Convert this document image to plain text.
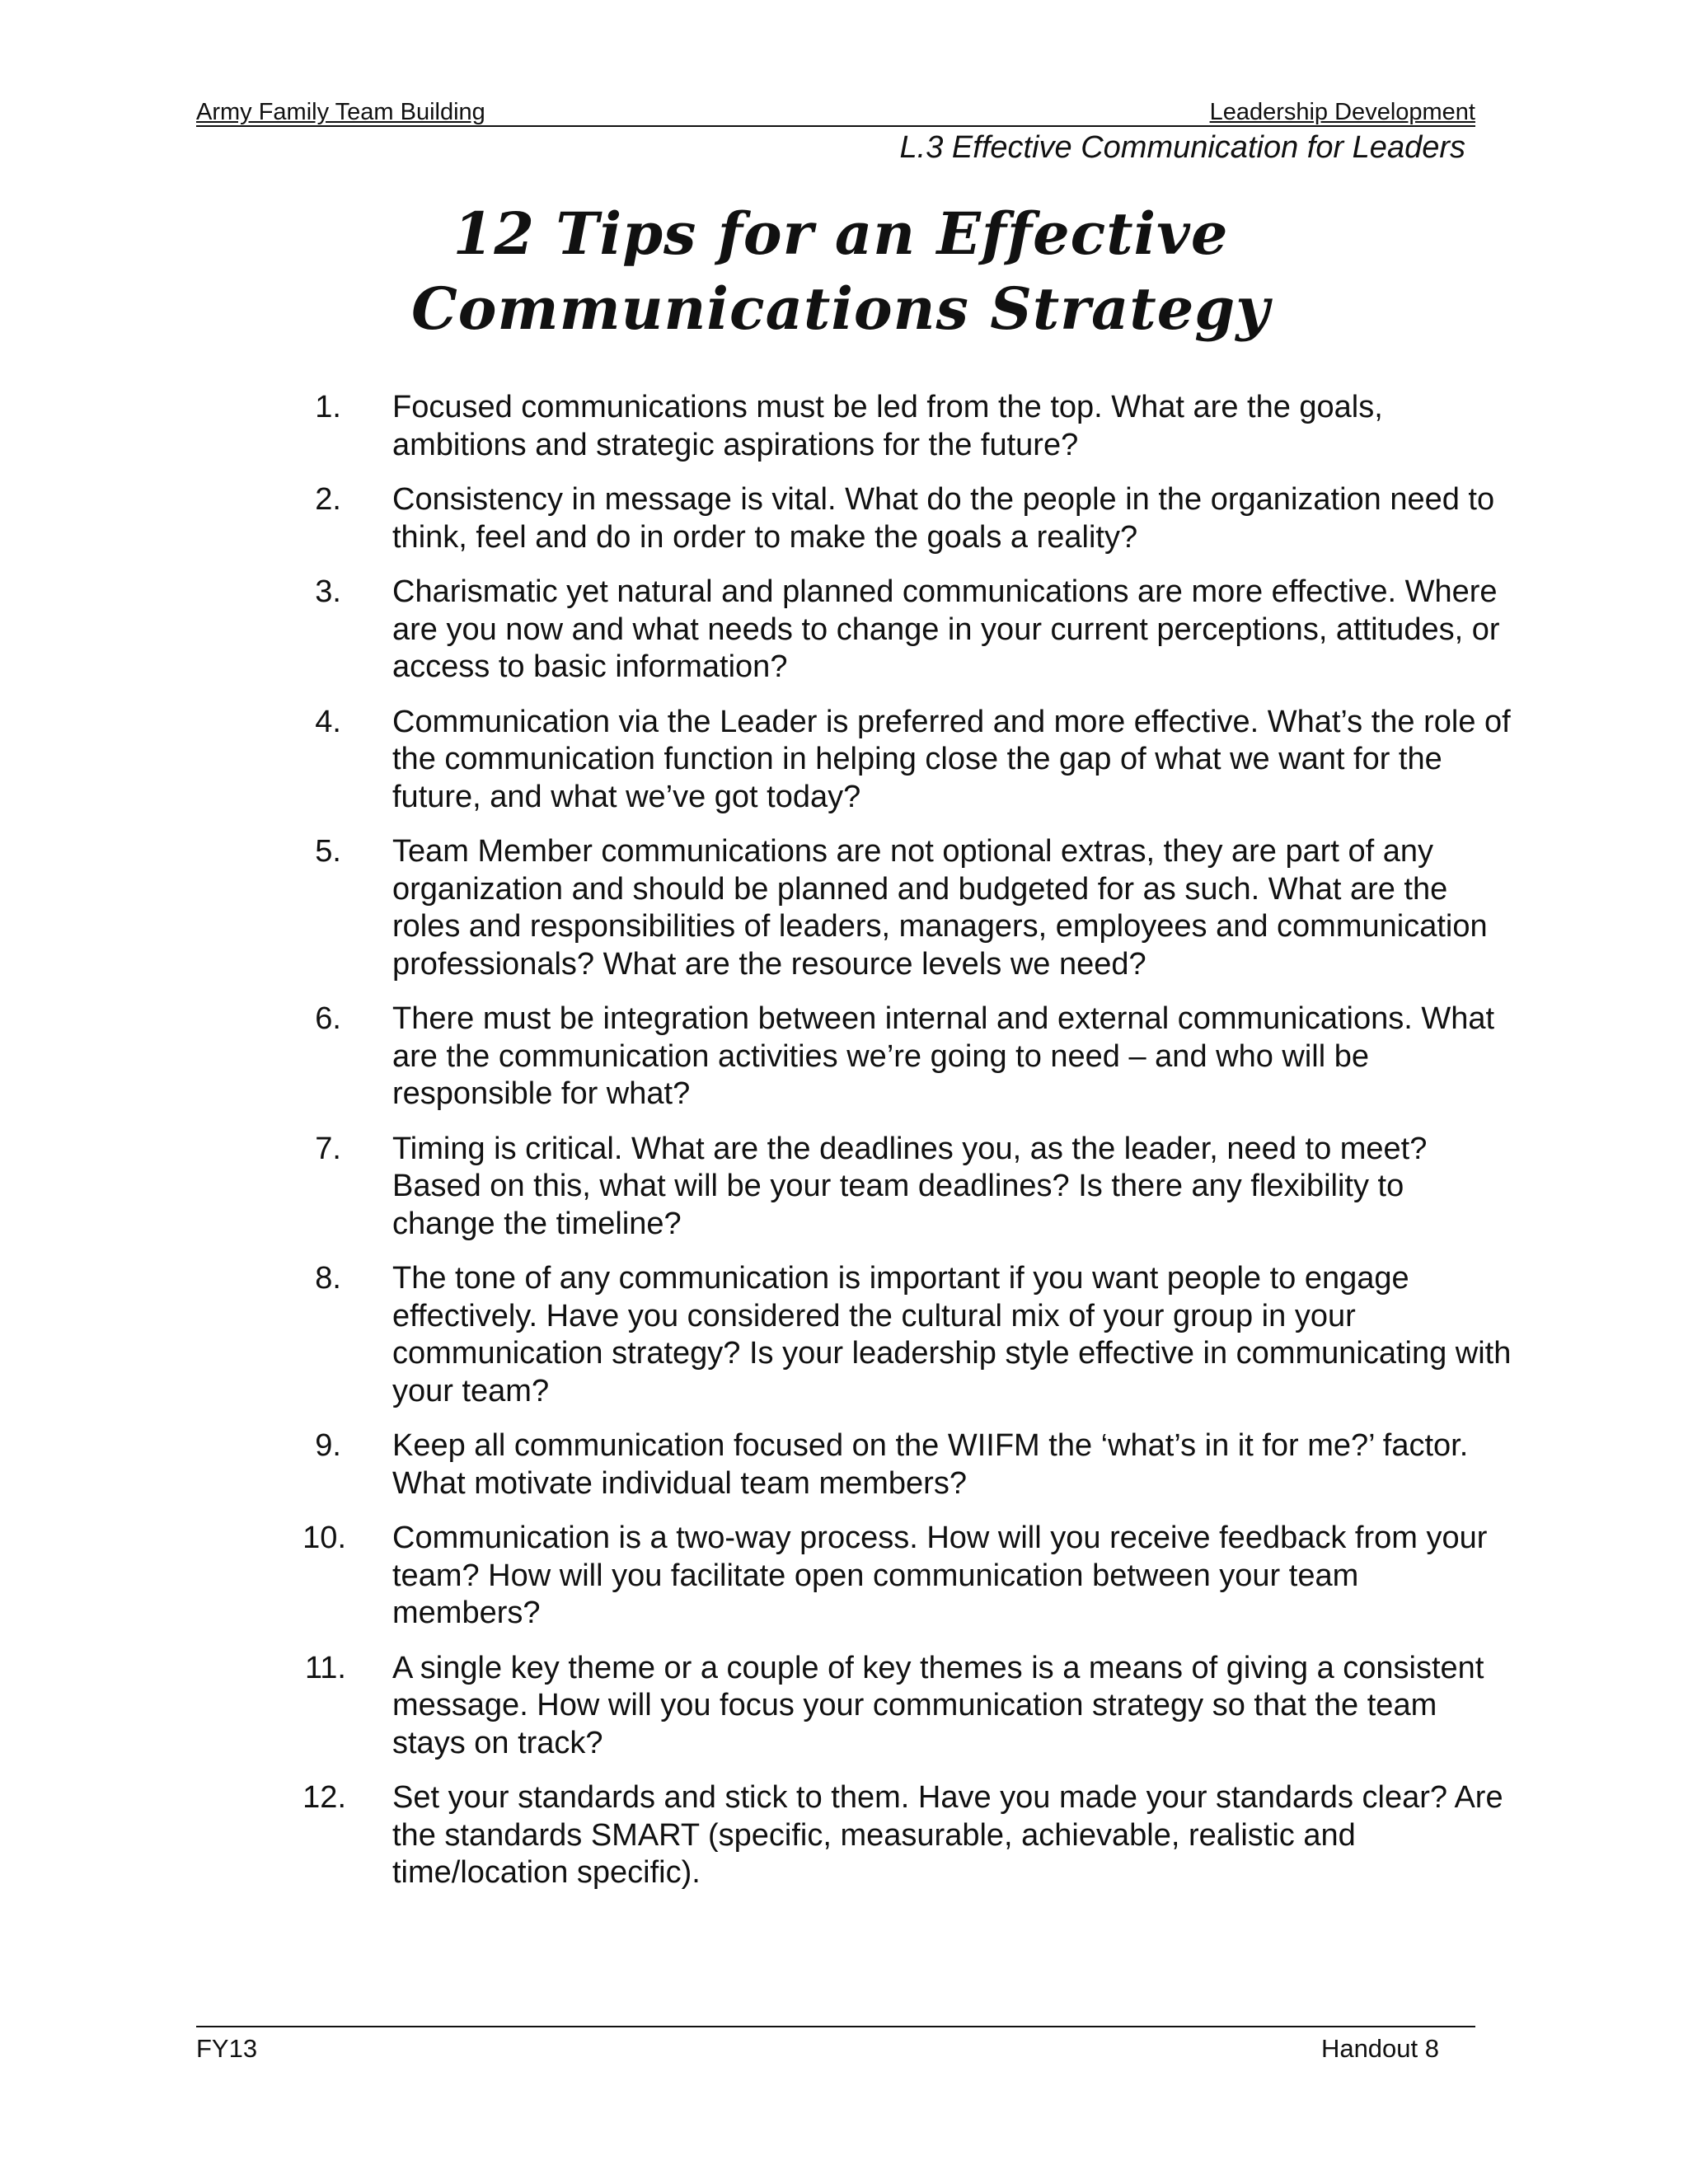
Army Family Team Building	Leadership Development
L.3 Effective Communication for Leaders
12 Tips for an Effective
Communications Strategy
1. Focused communications must be led from the top. What are the goals, ambitions and strategic aspirations for the future?
2. Consistency in message is vital. What do the people in the organization need to think, feel and do in order to make the goals a reality?
3. Charismatic yet natural and planned communications are more effective. Where are you now and what needs to change in your current perceptions, attitudes, or access to basic information?
4. Communication via the Leader is preferred and more effective. What’s the role of the communication function in helping close the gap of what we want for the future, and what we’ve got today?
5. Team Member communications are not optional extras, they are part of any organization and should be planned and budgeted for as such. What are the roles and responsibilities of leaders, managers, employees and communication professionals? What are the resource levels we need?
6. There must be integration between internal and external communications. What are the communication activities we’re going to need – and who will be responsible for what?
7. Timing is critical. What are the deadlines you, as the leader, need to meet? Based on this, what will be your team deadlines? Is there any flexibility to change the timeline?
8. The tone of any communication is important if you want people to engage effectively. Have you considered the cultural mix of your group in your communication strategy? Is your leadership style effective in communicating with your team?
9. Keep all communication focused on the WIIFM the ‘what’s in it for me?’ factor. What motivate individual team members?
10. Communication is a two-way process. How will you receive feedback from your team? How will you facilitate open communication between your team members?
11. A single key theme or a couple of key themes is a means of giving a consistent message. How will you focus your communication strategy so that the team stays on track?
12. Set your standards and stick to them. Have you made your standards clear? Are the standards SMART (specific, measurable, achievable, realistic and time/location specific).
FY13	Handout 8
